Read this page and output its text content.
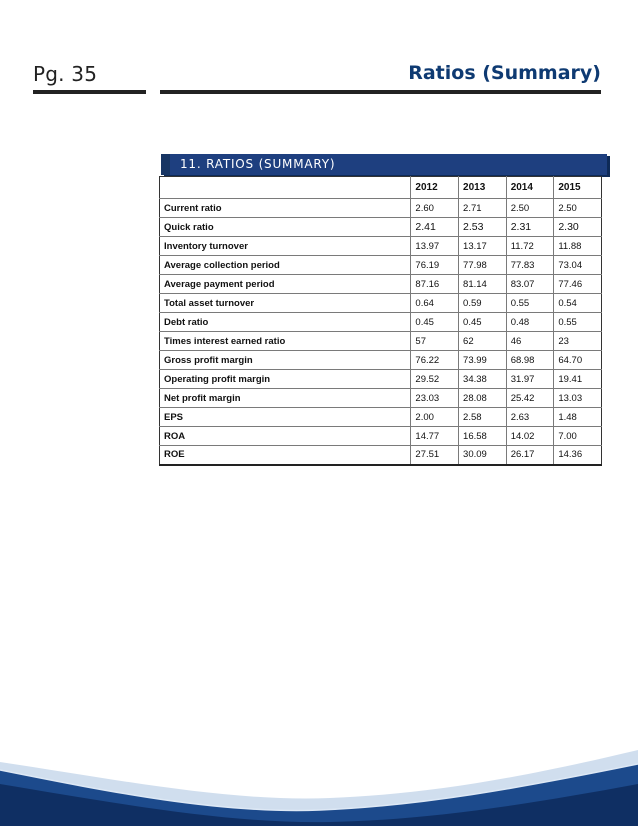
Pg. 35	Ratios (Summary)
11. RATIOS (SUMMARY)
	2012	2013	2014	2015
Current ratio	2.60	2.71	2.50	2.50
Quick ratio	2.41	2.53	2.31	2.30
Inventory turnover	13.97	13.17	11.72	11.88
Average collection period	76.19	77.98	77.83	73.04
Average payment period	87.16	81.14	83.07	77.46
Total asset turnover	0.64	0.59	0.55	0.54
Debt ratio	0.45	0.45	0.48	0.55
Times interest earned ratio	57	62	46	23
Gross profit margin	76.22	73.99	68.98	64.70
Operating profit margin	29.52	34.38	31.97	19.41
Net profit margin	23.03	28.08	25.42	13.03
EPS	2.00	2.58	2.63	1.48
ROA	14.77	16.58	14.02	7.00
ROE	27.51	30.09	26.17	14.36
